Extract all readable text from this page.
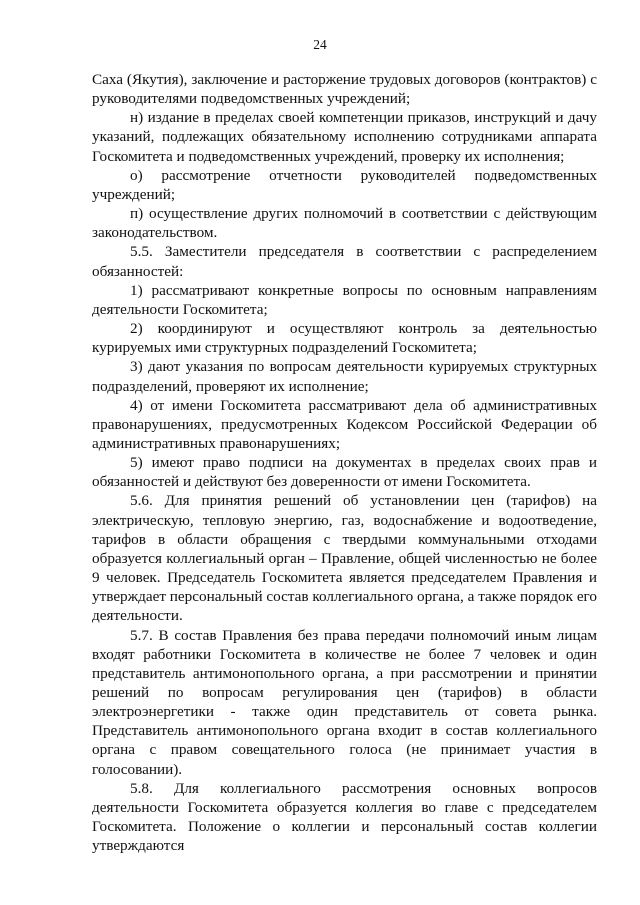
24

Саха (Якутия), заключение и расторжение трудовых договоров (контрактов) с руководителями подведомственных учреждений;

н) издание в пределах своей компетенции приказов, инструкций и дачу указаний, подлежащих обязательному исполнению сотрудниками аппарата Госкомитета и подведомственных учреждений, проверку их исполнения;

о) рассмотрение отчетности руководителей подведомственных учреждений;

п) осуществление других полномочий в соответствии с действующим законодательством.

5.5. Заместители председателя в соответствии с распределением обязанностей:

1) рассматривают конкретные вопросы по основным направлениям деятельности Госкомитета;

2) координируют и осуществляют контроль за деятельностью курируемых ими структурных подразделений Госкомитета;

3) дают указания по вопросам деятельности курируемых структурных подразделений, проверяют их исполнение;

4) от имени Госкомитета рассматривают дела об административных правонарушениях, предусмотренных Кодексом Российской Федерации об административных правонарушениях;

5) имеют право подписи на документах в пределах своих прав и обязанностей и действуют без доверенности от имени Госкомитета.

5.6. Для принятия решений об установлении цен (тарифов) на электрическую, тепловую энергию, газ, водоснабжение и водоотведение, тарифов в области обращения с твердыми коммунальными отходами образуется коллегиальный орган – Правление, общей численностью не более 9 человек. Председатель Госкомитета является председателем Правления и утверждает персональный состав коллегиального органа, а также порядок его деятельности.

5.7. В состав Правления без права передачи полномочий иным лицам входят работники Госкомитета в количестве не более 7 человек и один представитель антимонопольного органа, а при рассмотрении и принятии решений по вопросам регулирования цен (тарифов) в области электроэнергетики - также один представитель от совета рынка. Представитель антимонопольного органа входит в состав коллегиального органа с правом совещательного голоса (не принимает участия в голосовании).

5.8. Для коллегиального рассмотрения основных вопросов деятельности Госкомитета образуется коллегия во главе с председателем Госкомитета. Положение о коллегии и персональный состав коллегии утверждаются
